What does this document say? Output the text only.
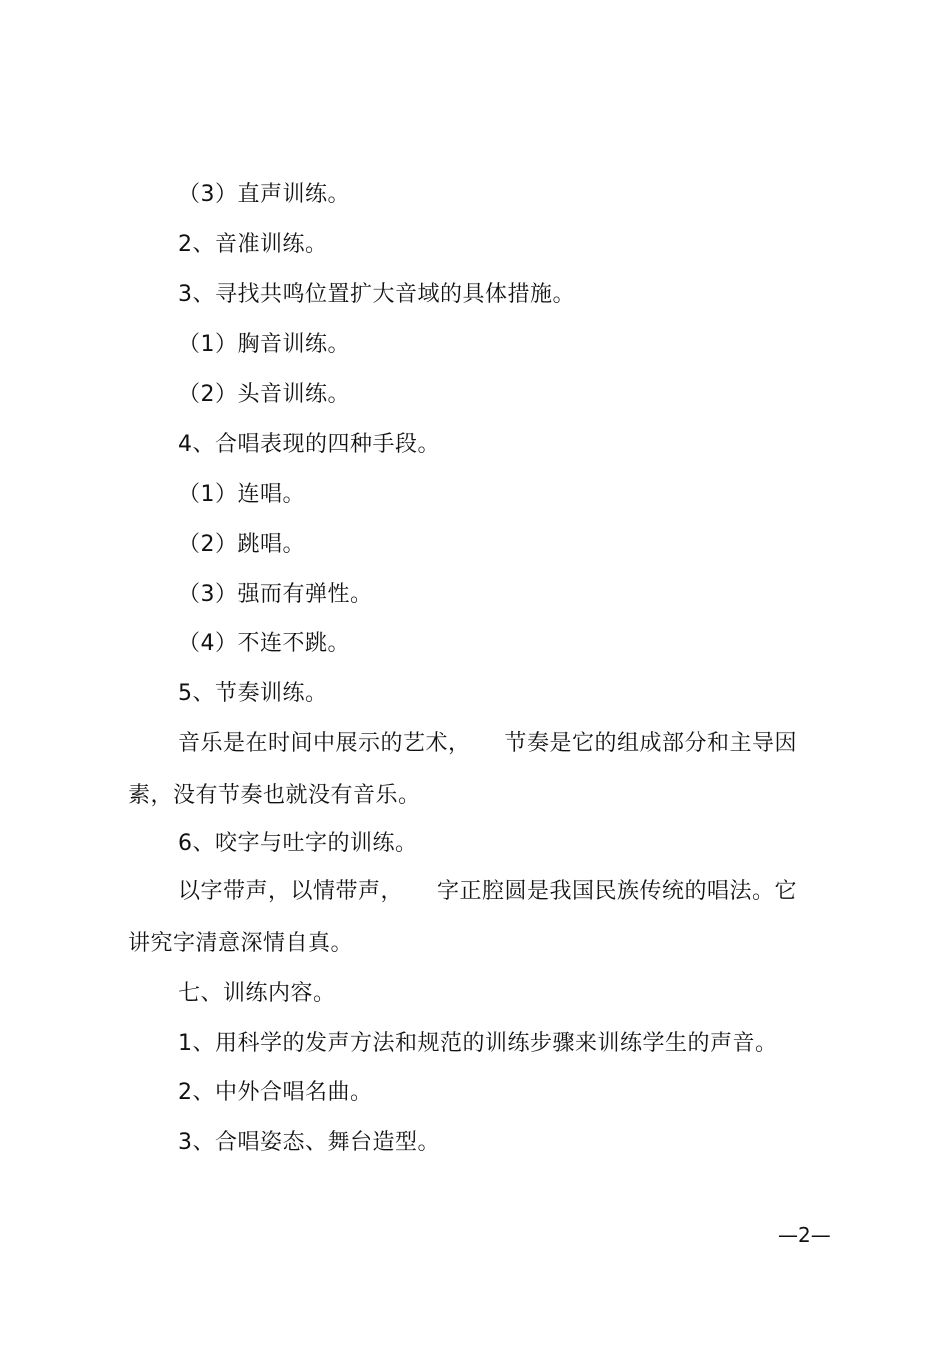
（3）直声训练。
2、音准训练。
3、寻找共鸣位置扩大音域的具体措施。
（1）胸音训练。
（2）头音训练。
4、合唱表现的四种手段。
（1）连唱。
（2）跳唱。
（3）强而有弹性。
（4）不连不跳。
5、节奏训练。
音乐是在时间中展示的艺术，　　节奏是它的组成部分和主导因
素，没有节奏也就没有音乐。
6、咬字与吐字的训练。
以字带声，以情带声，　　字正腔圆是我国民族传统的唱法。它
讲究字清意深情自真。
七、训练内容。
1、用科学的发声方法和规范的训练步骤来训练学生的声音。
2、中外合唱名曲。
3、合唱姿态、舞台造型。
—2—
